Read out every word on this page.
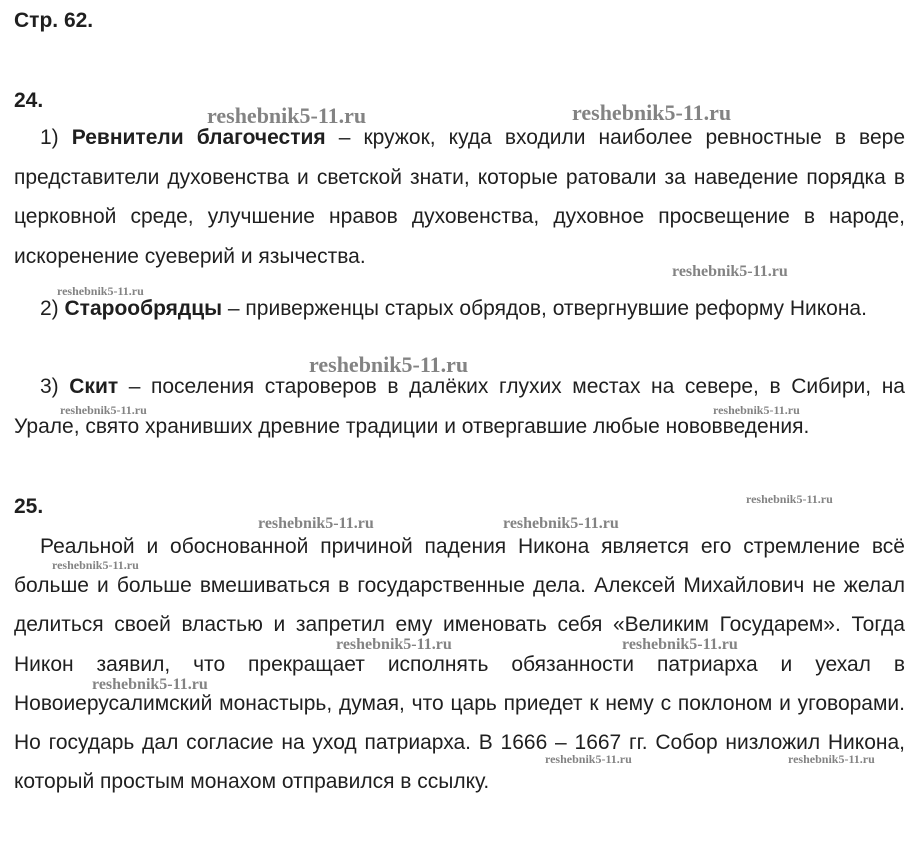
Стр. 62.
24.
1) Ревнители благочестия – кружок, куда входили наиболее ревностные в вере представители духовенства и светской знати, которые ратовали за наведение порядка в церковной среде, улучшение нравов духовенства, духовное просвещение в народе, искоренение суеверий и язычества.
2) Старообрядцы – приверженцы старых обрядов, отвергнувшие реформу Никона.
3) Скит – поселения староверов в далёких глухих местах на севере, в Сибири, на Урале, свято хранивших древние традиции и отвергавшие любые нововведения.
25.
Реальной и обоснованной причиной падения Никона является его стремление всё больше и больше вмешиваться в государственные дела. Алексей Михайлович не желал делиться своей властью и запретил ему именовать себя «Великим Государем». Тогда Никон заявил, что прекращает исполнять обязанности патриарха и уехал в Новоиерусалимский монастырь, думая, что царь приедет к нему с поклоном и уговорами. Но государь дал согласие на уход патриарха. В 1666 – 1667 гг. Собор низложил Никона, который простым монахом отправился в ссылку.
reshebnik5-11.ru	reshebnik5-11.ru
reshebnik5-11.ru
reshebnik5-11.ru
reshebnik5-11.ru
reshebnik5-11.ru	reshebnik5-11.ru
reshebnik5-11.ru
reshebnik5-11.ru	reshebnik5-11.ru
reshebnik5-11.ru
reshebnik5-11.ru	reshebnik5-11.ru
reshebnik5-11.ru
reshebnik5-11.ru	reshebnik5-11.ru
